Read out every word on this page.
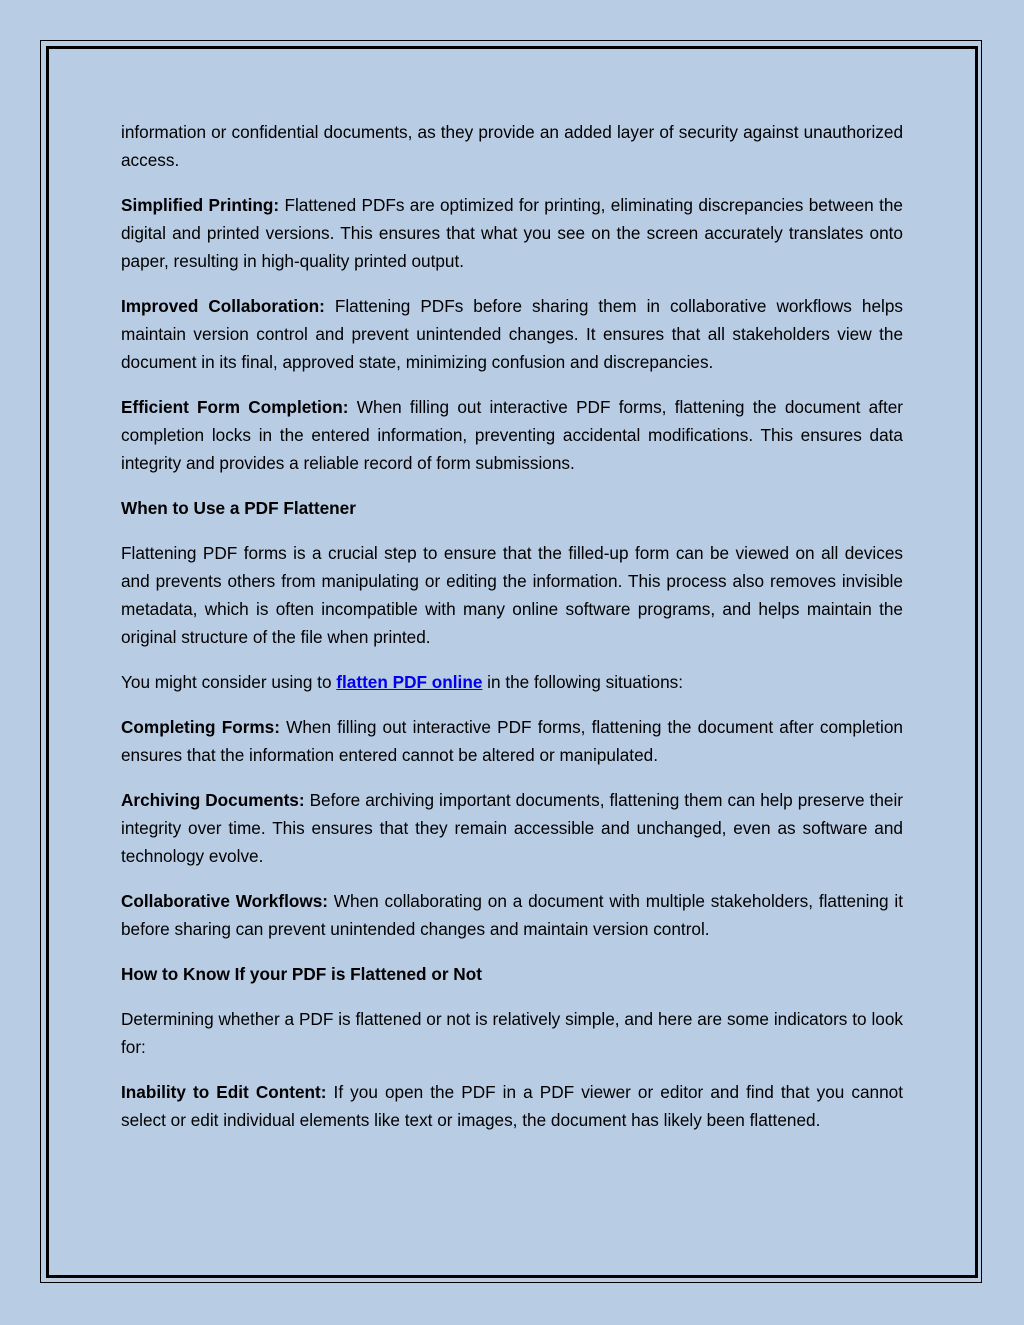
information or confidential documents, as they provide an added layer of security against unauthorized access.

Simplified Printing: Flattened PDFs are optimized for printing, eliminating discrepancies between the digital and printed versions. This ensures that what you see on the screen accurately translates onto paper, resulting in high-quality printed output.

Improved Collaboration: Flattening PDFs before sharing them in collaborative workflows helps maintain version control and prevent unintended changes. It ensures that all stakeholders view the document in its final, approved state, minimizing confusion and discrepancies.

Efficient Form Completion: When filling out interactive PDF forms, flattening the document after completion locks in the entered information, preventing accidental modifications. This ensures data integrity and provides a reliable record of form submissions.

When to Use a PDF Flattener

Flattening PDF forms is a crucial step to ensure that the filled-up form can be viewed on all devices and prevents others from manipulating or editing the information. This process also removes invisible metadata, which is often incompatible with many online software programs, and helps maintain the original structure of the file when printed.

You might consider using to flatten PDF online in the following situations:

Completing Forms: When filling out interactive PDF forms, flattening the document after completion ensures that the information entered cannot be altered or manipulated.

Archiving Documents: Before archiving important documents, flattening them can help preserve their integrity over time. This ensures that they remain accessible and unchanged, even as software and technology evolve.

Collaborative Workflows: When collaborating on a document with multiple stakeholders, flattening it before sharing can prevent unintended changes and maintain version control.

How to Know If your PDF is Flattened or Not

Determining whether a PDF is flattened or not is relatively simple, and here are some indicators to look for:

Inability to Edit Content: If you open the PDF in a PDF viewer or editor and find that you cannot select or edit individual elements like text or images, the document has likely been flattened.
